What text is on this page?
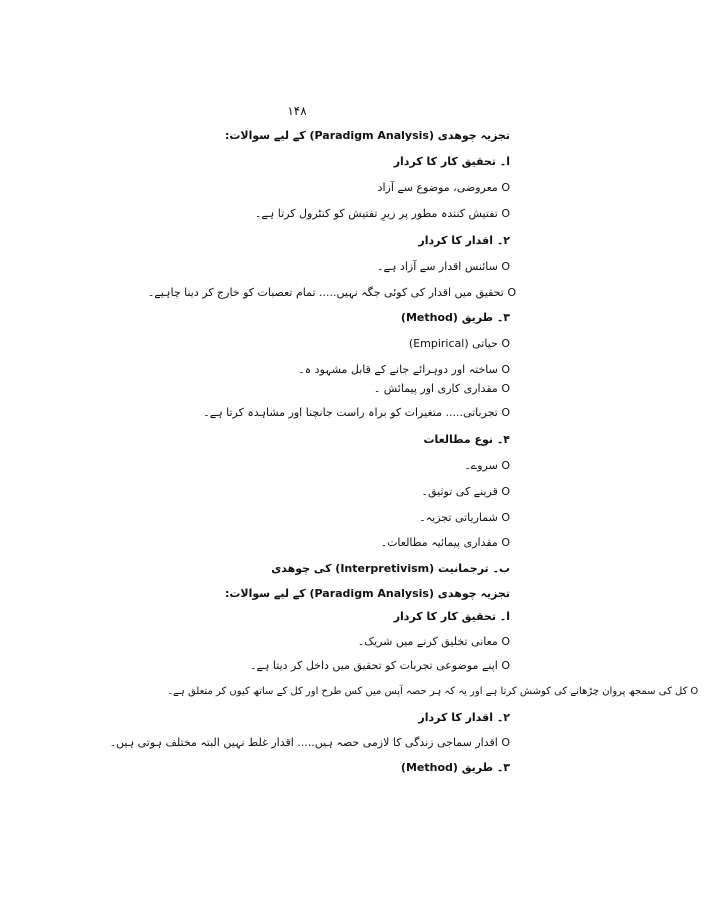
۱۴۸
تجزیہ چوھدی (Paradigm Analysis) کے لیے سوالات:
ا۔ تحقیق کار کا کردار
O معروضی، موضوع سے آزاد
O تفتیش کنندہ مطور پر زیرِ تفتیش کو کنٹرول کرتا ہے۔
۲۔ اقدار کا کردار
O سائنس اقدار سے آزاد ہے۔
O تحقیق میں اقدار کی کوئی جگہ نہیں..... تمام تعصبات کو خارج کر دینا چاہیے۔
۳۔ طریق (Method)
O حیاتی (Empirical)
O ساختہ اور دوہرائے جانے کے قابل مشہود ہ۔
O مقداری کاری اور پیمائش ۔
O تجرباتی..... متغیرات کو براہ راست جانچنا اور مشاہدہ کرتا ہے۔
۴۔ نوع مطالعات
O سروے۔
O قرینے کی توثیق۔
O شماریاتی تجزیہ۔
O مقداری پیمائیہ مطالعات۔
ب۔ ترجمانیت (Interpretivism) کی چوھدی
تجزیہ چوھدی (Paradigm Analysis) کے لیے سوالات:
ا۔ تحقیق کار کا کردار
O معانی تخلیق کرنے میں شریک۔
O اپنے موضوعی تجربات کو تحقیق میں داخل کر دیتا ہے۔
O کل کی سمجھ پروان چڑھانے کی کوشش کرتا ہے اور یہ کہ ہر حصہ آپس میں کس طرح اور کل کے ساتھ کیوں کر متعلق ہے۔
۲۔ اقدار کا کردار
O اقدار سماجی زندگی کا لازمی حصہ ہیں..... اقدار غلط نہیں البتہ مختلف ہوتی ہیں۔
۳۔ طریق (Method)
